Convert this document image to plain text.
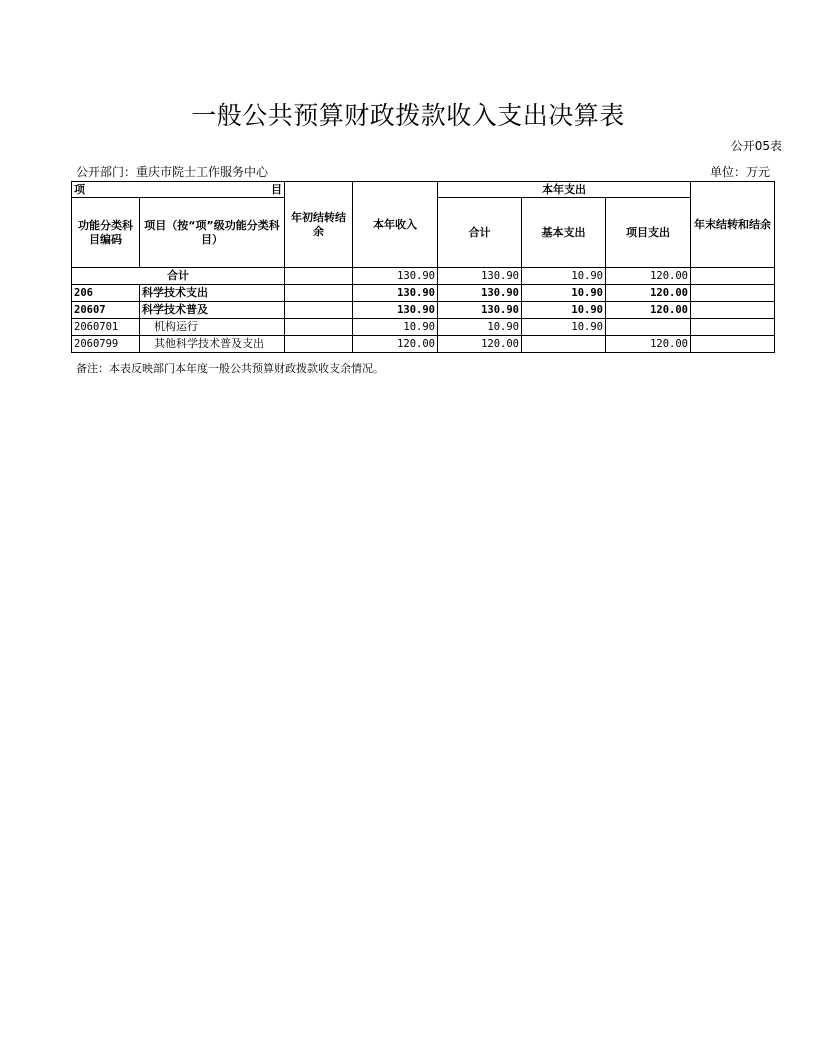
一般公共预算财政拨款收入支出决算表
公开05表
公开部门：重庆市院士工作服务中心	单位：万元
项 目		年初结转结余	本年收入	本年支出			年末结转和结余
功能分类科目编码	项目（按“项”级功能分类科目）			合计	基本支出	项目支出	

合计			130.90	130.90	10.90	120.00	
206	科学技术支出		130.90	130.90	10.90	120.00	
20607	科学技术普及		130.90	130.90	10.90	120.00	
2060701	机构运行		10.90	10.90	10.90		
2060799	其他科学技术普及支出		120.00	120.00		120.00	
备注：本表反映部门本年度一般公共预算财政拨款收支余情况。
